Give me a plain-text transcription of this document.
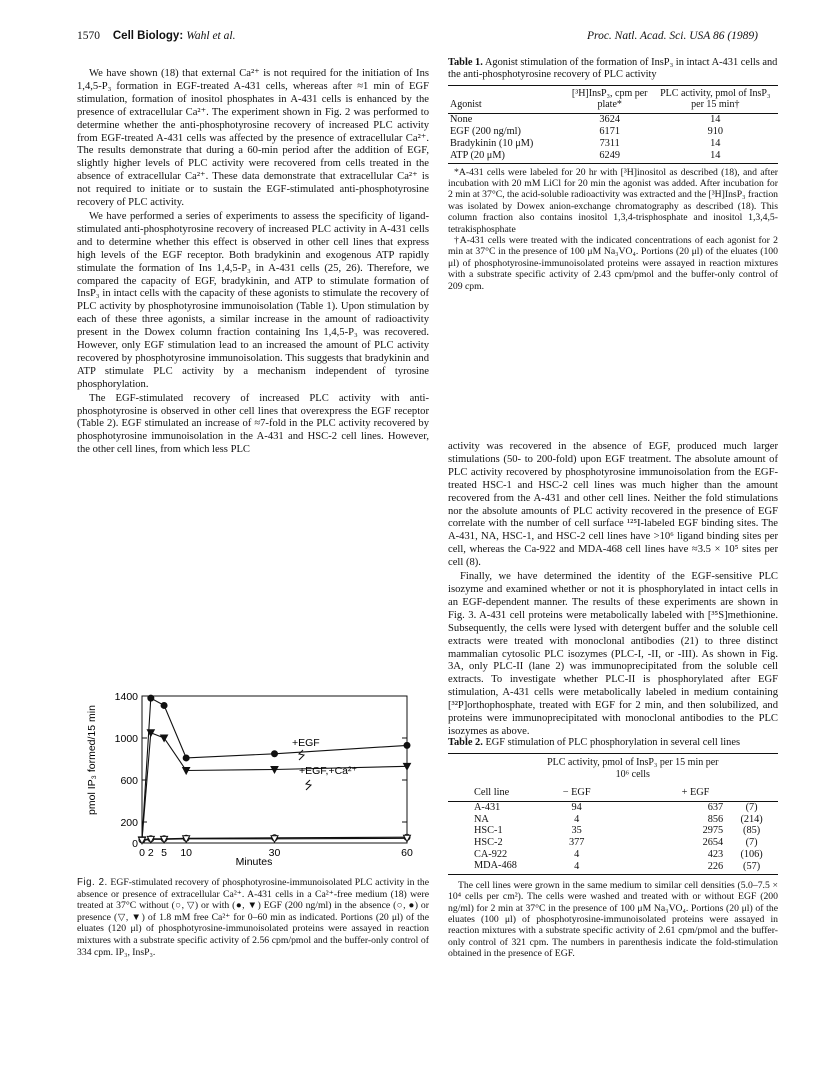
1570 Cell Biology: Wahl et al.	Proc. Natl. Acad. Sci. USA 86 (1989)

We have shown (18) that external Ca²⁺ is not required for the initiation of Ins 1,4,5-P₃ formation in EGF-treated A-431 cells, whereas after ≈1 min of EGF stimulation, formation of inositol phosphates in A-431 cells is enhanced by the presence of extracellular Ca²⁺. The experiment shown in Fig. 2 was performed to determine whether the anti-phosphotyrosine recovery of increased PLC activity from EGF-treated A-431 cells was affected by the presence of extracellular Ca²⁺. The results demonstrate that during a 60-min period after the addition of EGF, slightly higher levels of PLC activity were recovered from cells treated in the absence of extracellular Ca²⁺. These data demonstrate that extracellular Ca²⁺ is not required to initiate or to sustain the EGF-stimulated anti-phosphotyrosine recovery of PLC activity.

We have performed a series of experiments to assess the specificity of ligand-stimulated anti-phosphotyrosine recovery of increased PLC activity in A-431 cells and to determine whether this effect is observed in other cell lines that express high levels of the EGF receptor. Both bradykinin and exogenous ATP rapidly stimulate the formation of Ins 1,4,5-P₃ in A-431 cells (25, 26). Therefore, we compared the capacity of EGF, bradykinin, and ATP to stimulate formation of InsP₃ in intact cells with the capacity of these agonists to stimulate the recovery of PLC activity by phosphotyrosine immunoisolation (Table 1). Upon stimulation by each of these three agonists, a similar increase in the amount of radioactivity present in the Dowex column fraction containing Ins 1,4,5-P₃ was recovered. However, only EGF stimulation lead to an increased the amount of PLC activity recovered by phosphotyrosine immunoisolation. This suggests that bradykinin and ATP stimulate PLC activity by a mechanism independent of tyrosine phosphorylation.

The EGF-stimulated recovery of increased PLC activity with anti-phosphotyrosine is observed in other cell lines that overexpress the EGF receptor (Table 2). EGF stimulated an increase of ≈7-fold in the PLC activity recovered by phosphotyrosine immunoisolation in the A-431 and HSC-2 cell lines. However, the other cell lines, from which less PLC

Table 1. Agonist stimulation of the formation of InsP₃ in intact A-431 cells and the anti-phosphotyrosine recovery of PLC activity
Agonist	[³H]InsP₃, cpm per plate*	PLC activity, pmol of InsP₃ per 15 min†
None	3624	14
EGF (200 ng/ml)	6171	910
Bradykinin (10 μM)	7311	14
ATP (20 μM)	6249	14

*A-431 cells were labeled for 20 hr with [³H]inositol as described (18), and after incubation with 20 mM LiCl for 20 min the agonist was added. After incubation for 2 min at 37°C, the acid-soluble radioactivity was extracted and the [³H]InsP₃ fraction was isolated by Dowex anion-exchange chromatography as described (18). This column fraction also contains inositol 1,3,4-trisphosphate and inositol 1,3,4,5-tetrakisphosphate

†A-431 cells were treated with the indicated concentrations of each agonist for 2 min at 37°C in the presence of 100 μM Na₃VO₄. Portions (20 μl) of the eluates (100 μl) of phosphotyrosine-immunoisolated proteins were assayed in reaction mixtures with a substrate specific activity of 2.43 cpm/pmol and the buffer-only control of 209 cpm.

activity was recovered in the absence of EGF, produced much larger stimulations (50- to 200-fold) upon EGF treatment. The absolute amount of PLC activity recovered by phosphotyrosine immunoisolation from the EGF-treated HSC-1 and HSC-2 cell lines was much higher than the amount recovered from the A-431 and other cell lines. Neither the fold stimulations nor the absolute amounts of PLC activity recovered in the presence of EGF correlate with the number of cell surface ¹²⁵I-labeled EGF binding sites. The A-431, NA, HSC-1, and HSC-2 cell lines have >10⁶ ligand binding sites per cell, whereas the Ca-922 and MDA-468 cell lines have ≈3.5 × 10⁵ sites per cell (8).

Finally, we have determined the identity of the EGF-sensitive PLC isozyme and examined whether or not it is phosphorylated in intact cells in an EGF-dependent manner. The results of these experiments are shown in Fig. 3. A-431 cell proteins were metabolically labeled with [³⁵S]methionine. Subsequently, the cells were lysed with detergent buffer and the soluble cell extracts were treated with monoclonal antibodies (21) to three distinct mammalian cytosolic PLC isozymes (PLC-I, -II, or -III). As shown in Fig. 3A, only PLC-II (lane 2) was immunoprecipitated from the soluble cell extracts. To investigate whether PLC-II is phosphorylated after EGF stimulation, A-431 cells were metabolically labeled in medium containing [³²P]orthophosphate, treated with EGF for 2 min, and then solubilized, and proteins were immunoprecipitated with monoclonal antibodies to the PLC isozymes as above.

Table 2. EGF stimulation of PLC phosphorylation in several cell lines
	PLC activity, pmol of InsP₃ per 15 min per 10⁶ cells		
Cell line	− EGF	+ EGF	
A-431	94	637	(7)
NA	4	856	(214)
HSC-1	35	2975	(85)
HSC-2	377	2654	(7)
CA-922	4	423	(106)
MDA-468	4	226	(57)
The cell lines were grown in the same medium to similar cell densities (5.0–7.5 × 10⁴ cells per cm²). The cells were washed and treated with or without EGF (200 ng/ml) for 2 min at 37°C in the presence of 100 μM Na₃VO₄. Portions (20 μl) of the eluates (100 μl) of phosphotyrosine-immunoisolated proteins were assayed in reaction mixtures with a substrate specific activity of 2.61 cpm/pmol and the buffer-only control of 321 cpm. The numbers in parenthesis indicate the fold-stimulation obtained in the presence of EGF.
0
200
600
1000
1400
0 2 5 10	30	60
pmol IP₃ formed/15 min
Minutes
+EGF
+EGF,+Ca²⁺
Fig. 2. EGF-stimulated recovery of phosphotyrosine-immunoisolated PLC activity in the absence or presence of extracellular Ca²⁺. A-431 cells in a Ca²⁺-free medium (18) were treated at 37°C without (○, ▽) or with (●, ▼) EGF (200 ng/ml) in the absence (○, ●) or presence (▽, ▼) of 1.8 mM free Ca²⁺ for 0–60 min as indicated. Portions (20 μl) of the eluates (120 μl) of phosphotyrosine-immunoisolated proteins were assayed in reaction mixtures with a substrate specific activity of 2.56 cpm/pmol and the buffer-only control of 334 cpm. IP₃, InsP₃.
